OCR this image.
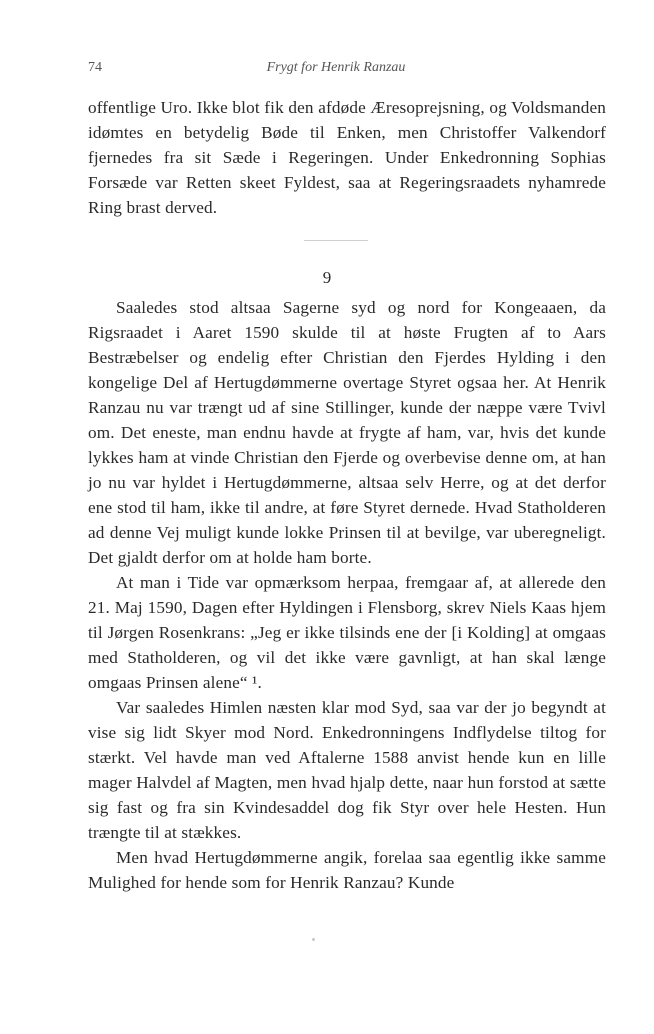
74	Frygt for Henrik Ranzau

offentlige Uro. Ikke blot fik den afdøde Æresoprejsning, og Voldsmanden idømtes en betydelig Bøde til Enken, men Christoffer Valkendorf fjernedes fra sit Sæde i Regeringen. Under Enkedronning Sophias Forsæde var Retten skeet Fyldest, saa at Regeringsraadets nyhamrede Ring brast derved.

9

Saaledes stod altsaa Sagerne syd og nord for Kongeaaen, da Rigsraadet i Aaret 1590 skulde til at høste Frugten af to Aars Bestræbelser og endelig efter Christian den Fjerdes Hylding i den kongelige Del af Hertugdømmerne overtage Styret ogsaa her. At Henrik Ranzau nu var trængt ud af sine Stillinger, kunde der næppe være Tvivl om. Det eneste, man endnu havde at frygte af ham, var, hvis det kunde lykkes ham at vinde Christian den Fjerde og overbevise denne om, at han jo nu var hyldet i Hertugdømmerne, altsaa selv Herre, og at det derfor ene stod til ham, ikke til andre, at føre Styret dernede. Hvad Statholderen ad denne Vej muligt kunde lokke Prinsen til at bevilge, var uberegneligt. Det gjaldt derfor om at holde ham borte.

At man i Tide var opmærksom herpaa, fremgaar af, at allerede den 21. Maj 1590, Dagen efter Hyldingen i Flensborg, skrev Niels Kaas hjem til Jørgen Rosenkrans: „Jeg er ikke tilsinds ene der [i Kolding] at omgaas med Statholderen, og vil det ikke være gavnligt, at han skal længe omgaas Prinsen alene“ ¹.

Var saaledes Himlen næsten klar mod Syd, saa var der jo begyndt at vise sig lidt Skyer mod Nord. Enkedronningens Indflydelse tiltog for stærkt. Vel havde man ved Aftalerne 1588 anvist hende kun en lille mager Halvdel af Magten, men hvad hjalp dette, naar hun forstod at sætte sig fast og fra sin Kvindesaddel dog fik Styr over hele Hesten. Hun trængte til at stækkes.

Men hvad Hertugdømmerne angik, forelaa saa egentlig ikke samme Mulighed for hende som for Henrik Ranzau? Kunde
